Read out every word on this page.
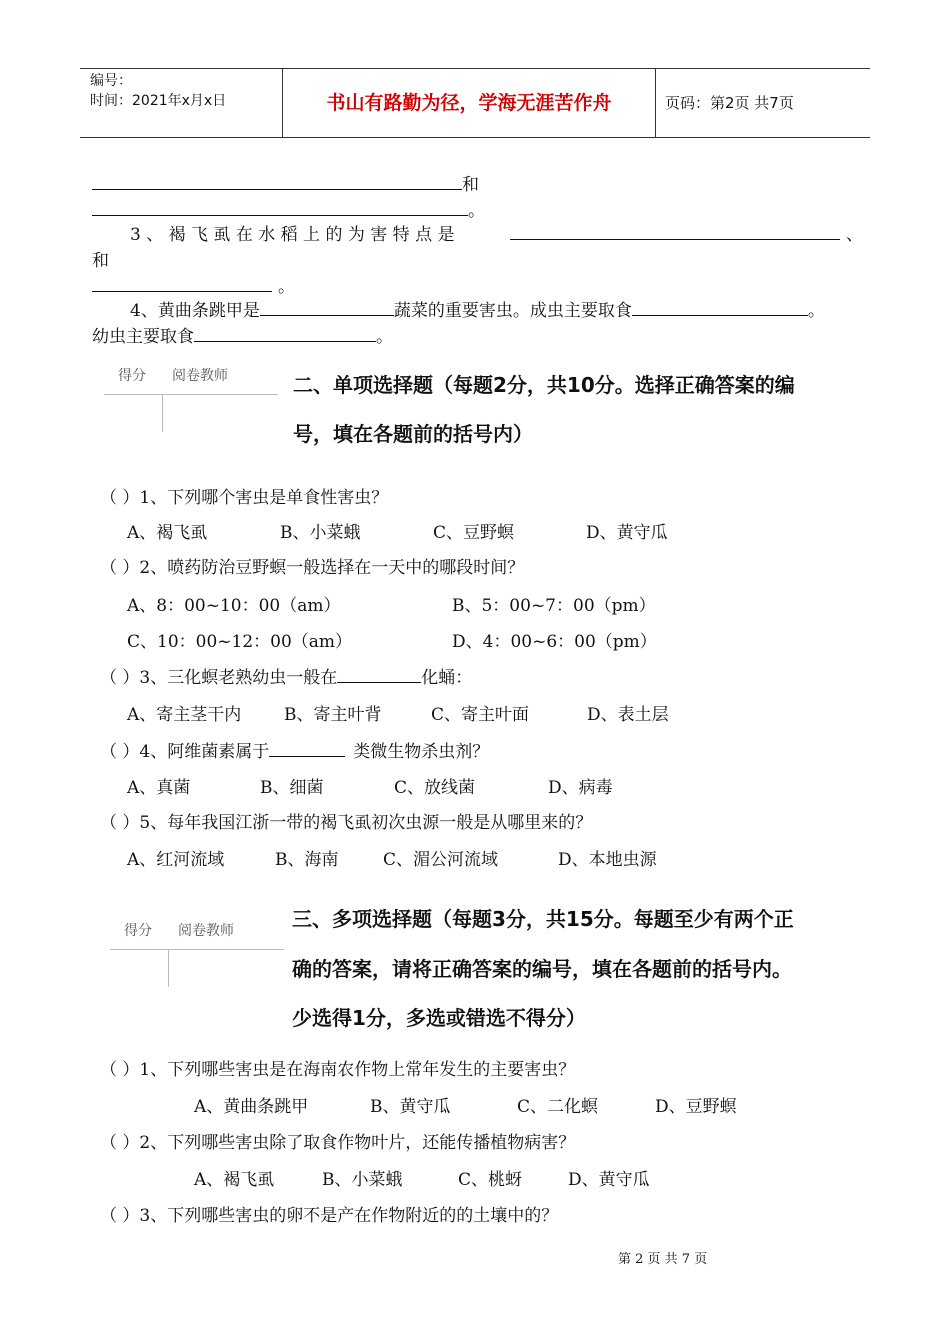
编号：
时间：2021年x月x日	书山有路勤为径，学海无涯苦作舟	页码：第2页 共7页
和
。
3 、 褐 飞 虱 在 水 稻 上 的 为 害 特 点 是	、
和
。
4、黄曲条跳甲是	蔬菜的重要害虫。成虫主要取食	。
幼虫主要取食	。
得分 阅卷教师	二、单项选择题（每题2分，共10分。选择正确答案的编
号，填在各题前的括号内）
（ ）1、下列哪个害虫是单食性害虫？
A、褐飞虱	B、小菜蛾	C、豆野螟	D、黄守瓜
（ ）2、喷药防治豆野螟一般选择在一天中的哪段时间？
A、8：00~10：00（am）	B、5：00~7：00（pm）
C、10：00~12：00（am）	D、4：00~6：00（pm）
（ ）3、三化螟老熟幼虫一般在	化蛹：
A、寄主茎干内	B、寄主叶背	C、寄主叶面	D、表土层
（ ）4、阿维菌素属于	类微生物杀虫剂？
A、真菌	B、细菌	C、放线菌	D、病毒
（ ）5、每年我国江浙一带的褐飞虱初次虫源一般是从哪里来的？
A、红河流域	B、海南	C、湄公河流域	D、本地虫源
得分 阅卷教师	三、多项选择题（每题3分，共15分。每题至少有两个正
确的答案，请将正确答案的编号，填在各题前的括号内。
少选得1分，多选或错选不得分）
（ ）1、下列哪些害虫是在海南农作物上常年发生的主要害虫？
A、黄曲条跳甲	B、黄守瓜	C、二化螟	D、豆野螟
（ ）2、下列哪些害虫除了取食作物叶片，还能传播植物病害？
A、褐飞虱	B、小菜蛾	C、桃蚜	D、黄守瓜
（ ）3、下列哪些害虫的卵不是产在作物附近的的土壤中的？
第 2 页 共 7 页
